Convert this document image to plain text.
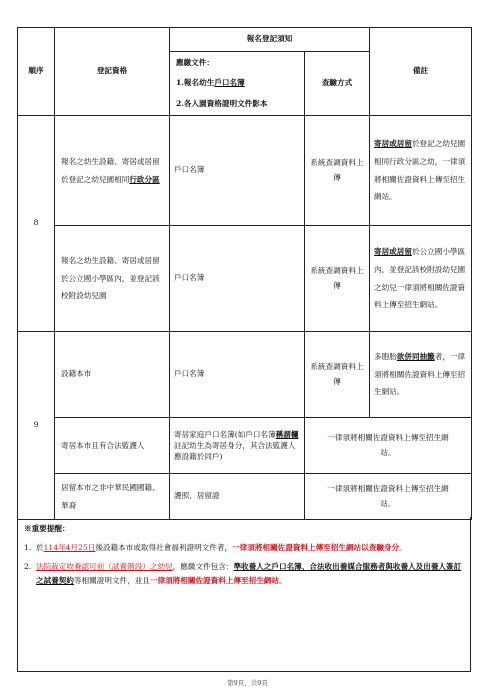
順序	登記資格	報名登記須知		備註

		應繳文件：
1.報名幼生戶口名簿
2.各入園資格證明文件影本	查驗方式	
8	報名之幼生設籍、寄居或居留於登記之幼兒園相同行政分區	戶口名簿	系統查調資料上傳	寄居或居留於登記之幼兒園相同行政分區之幼，一律須將相關佐證資料上傳至招生網站。
	報名之幼生設籍、寄居或居留於公立國小學區內，並登記該校附設幼兒園	戶口名簿	系統查調資料上傳	寄居或居留於公立國小學區內，並登記該校附設幼兒園之幼兒一律須將相關佐證資料上傳至招生網站。
9	設籍本市	戶口名簿	系統查調資料上傳	多胞胎欲併同抽籤者，一律須將相關佐證資料上傳至招生網站。
	寄居本市且有合法監護人	寄居家庭戶口名簿(如戶口名簿稱謂欄註記幼生為寄居身分，其合法監護人應設籍於同戶)	一律須將相關佐證資料上傳至招生網站。	
	居留本市之非中華民國國籍、華裔	護照、居留證	一律須將相關佐證資料上傳至招生網站。	
※重要提醒：
1. 於114年4月25日後設籍本市或取得社會福利證明文件者，一律須將相關佐證資料上傳至招生網站以查驗身分。
2. 法院裁定收養認可前（試養階段）之幼兒，應繳文件包含：準收養人之戶口名簿、合法收出養媒合服務者與收養人及出養人簽訂之試養契約等相關證明文件，並且一律須將相關佐證資料上傳至招生網站。
第9頁，共9頁
